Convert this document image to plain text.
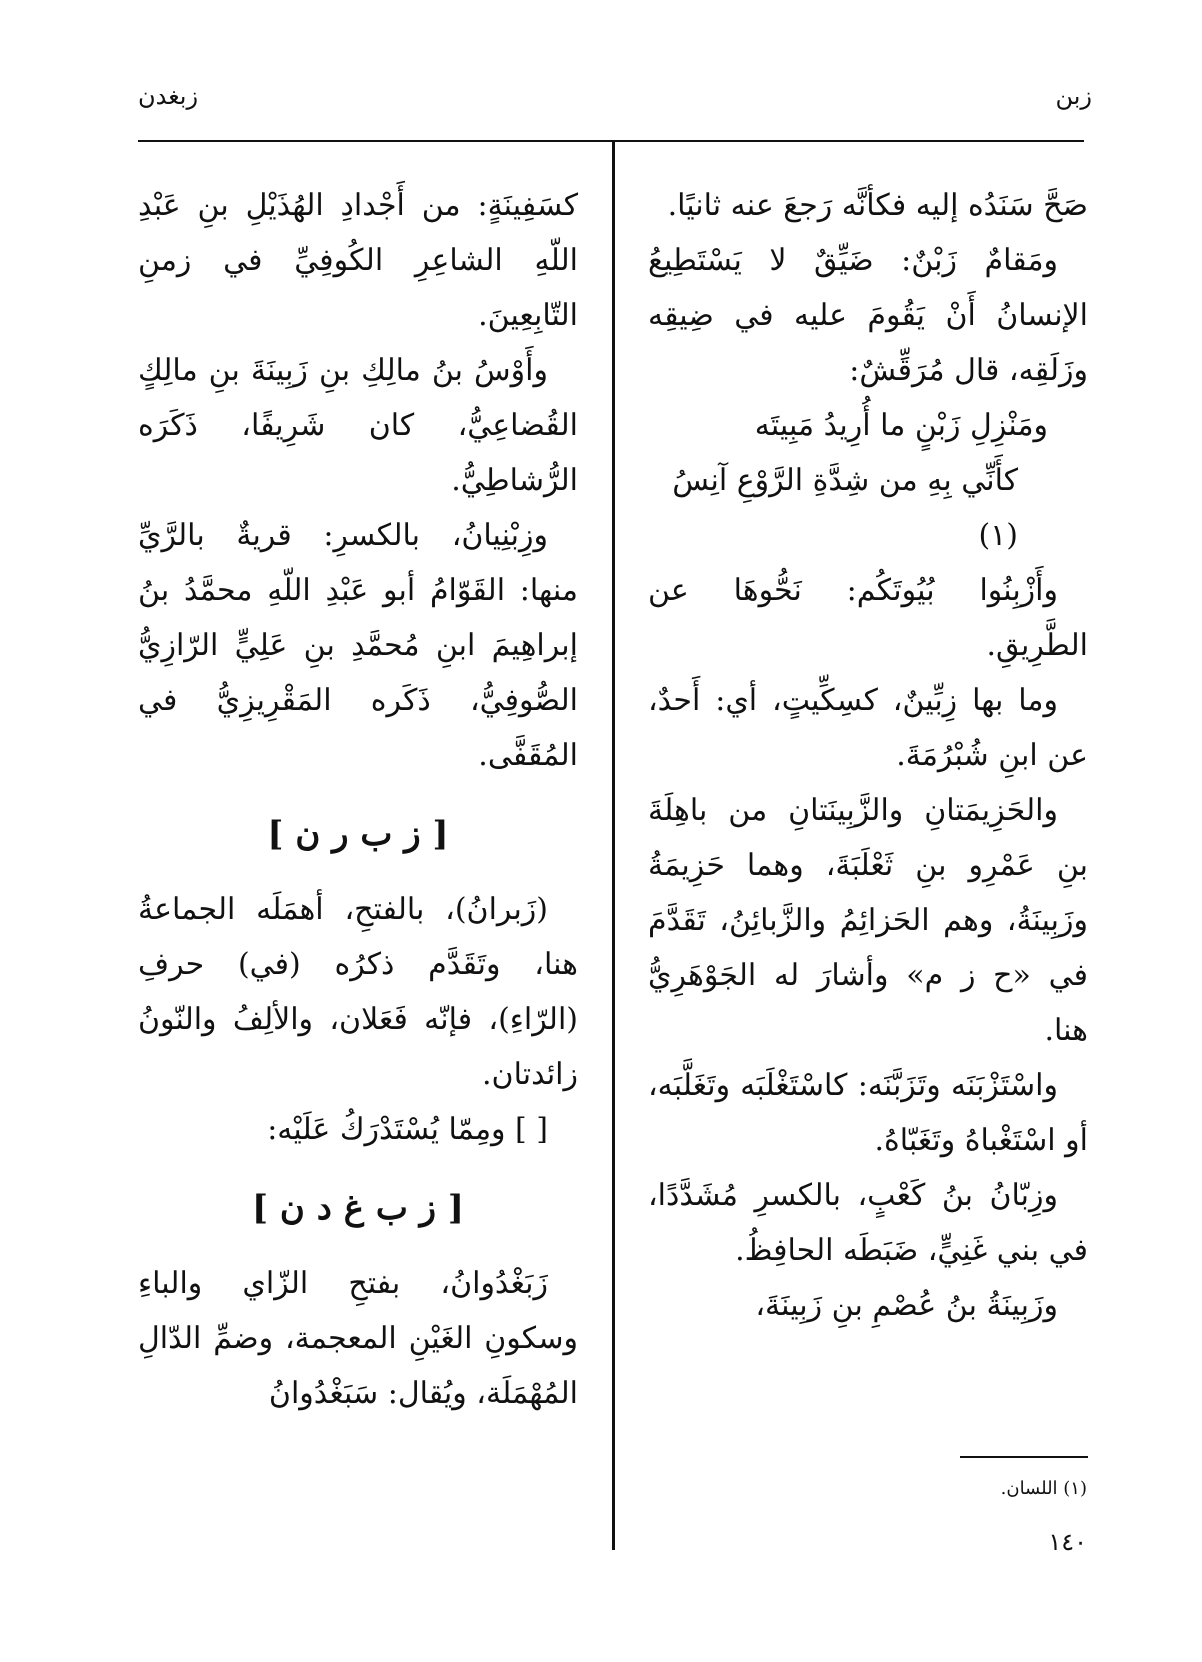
زبن
زبغدن

صَحَّ سَنَدُه إليه فكأنَّه رَجعَ عنه ثانيًا.

ومَقامٌ زَبْنٌ: ضَيِّقٌ لا يَسْتَطِيعُ الإنسانُ أَنْ يَقُومَ عليه في ضِيقِه وزَلَقِه، قال مُرَقِّشٌ:

ومَنْزِلِ زَبْنٍ ما أُرِيدُ مَبِيتَه

كأَنِّي بِهِ من شِدَّةِ الرَّوْعِ آنِسُ (١)

وأَزْبِنُوا بُيُوتَكُم: نَحُّوهَا عن الطَّرِيقِ.

وما بها زِبِّينٌ، كسِكِّيتٍ، أي: أَحدٌ، عن ابنِ شُبْرُمَةَ.

والحَزِيمَتانِ والزَّبِينَتانِ من باهِلَةَ بنِ عَمْرِو بنِ ثَعْلَبَةَ، وهما حَزِيمَةُ وزَبِينَةُ، وهم الحَزائِمُ والزَّبائِنُ، تَقَدَّمَ في «ح ز م» وأشارَ له الجَوْهَرِيُّ هنا.

واسْتَزْبَنَه وتَزَبَّنَه: كاسْتَغْلَبَه وتَغَلَّبَه، أو اسْتَغْباهُ وتَغَبّاهُ.

وزِبّانُ بنُ كَعْبٍ، بالكسرِ مُشَدَّدًا، في بني غَنِيٍّ، ضَبَطَه الحافِظُ.

وزَبِينَةُ بنُ عُصْمِ بنِ زَبِينَةَ،

كسَفِينَةٍ: من أَجْدادِ الهُذَيْلِ بنِ عَبْدِ اللّهِ الشاعِرِ الكُوفِيِّ في زمنِ التّابِعِينَ.

وأَوْسُ بنُ مالِكِ بنِ زَبِينَةَ بنِ مالِكٍ القُضاعِيُّ، كان شَرِيفًا، ذَكَرَه الرُّشاطِيُّ.

وزِبْنِيانُ، بالكسرِ: قريةٌ بالرَّيِّ منها: القَوّامُ أبو عَبْدِ اللّهِ محمَّدُ بنُ إبراهِيمَ ابنِ مُحمَّدِ بنِ عَلِيٍّ الرّازِيُّ الصُّوفِيُّ، ذَكَره المَقْرِيزِيُّ في المُقَفَّى.

[ ز ب ر ن ]

(زَبرانُ)، بالفتحِ، أهمَلَه الجماعةُ هنا، وتَقَدَّم ذكرُه (في) حرفِ (الرّاءِ)، فإنّه فَعَلان، والألِفُ والنّونُ زائدتان.

[ ] ومِمّا يُسْتَدْرَكُ عَلَيْه:

[ ز ب غ د ن ]

زَبَغْدُوانُ، بفتحِ الزّاي والباءِ وسكونِ الغَيْنِ المعجمة، وضمِّ الدّالِ المُهْمَلَة، ويُقال: سَبَغْدُوانُ

(١) اللسان.
١٤٠
